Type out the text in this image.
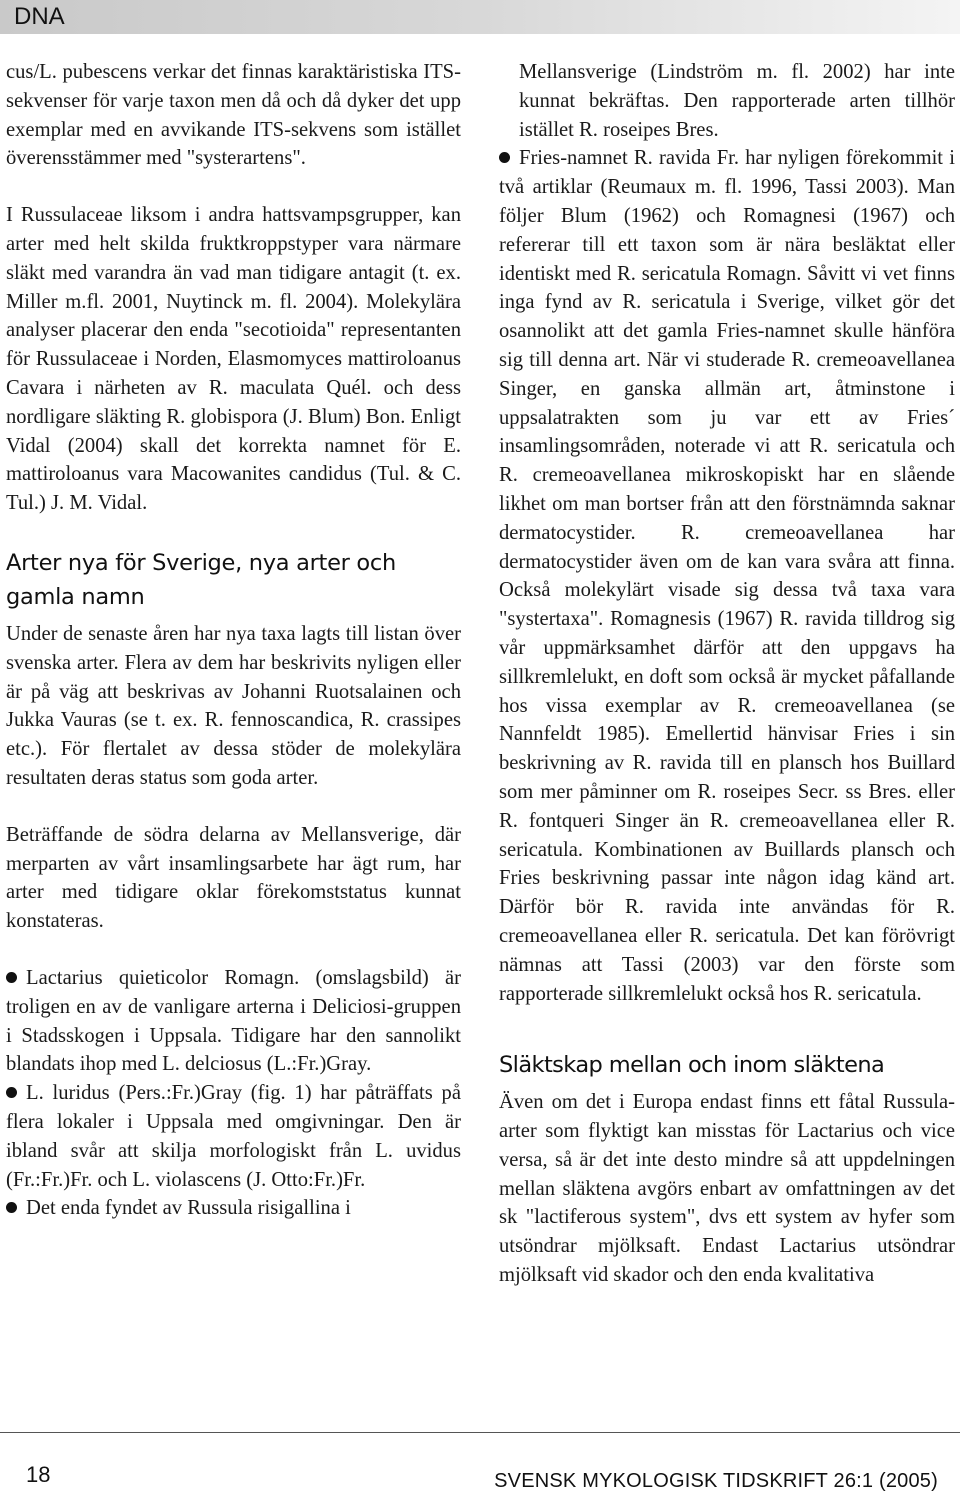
DNA

cus/L. pubescens verkar det finnas karaktäristiska ITS-sekvenser för varje taxon men då och då dyker det upp exemplar med en avvikande ITS-sekvens som istället överensstämmer med "systerartens".

I Russulaceae liksom i andra hattsvampsgrupper, kan arter med helt skilda fruktkroppstyper vara närmare släkt med varandra än vad man tidigare antagit (t. ex. Miller m.fl. 2001, Nuytinck m. fl. 2004). Molekylära analyser placerar den enda "secotioida" representanten för Russulaceae i Norden, Elasmomyces mattiroloanus Cavara i närheten av R. maculata Quél. och dess nordligare släkting R. globispora (J. Blum) Bon. Enligt Vidal (2004) skall det korrekta namnet för E. mattiroloanus vara Macowanites candidus (Tul. & C. Tul.) J. M. Vidal.

Arter nya för Sverige, nya arter och gamla namn

Under de senaste åren har nya taxa lagts till listan över svenska arter. Flera av dem har beskrivits nyligen eller är på väg att beskrivas av Johanni Ruotsalainen och Jukka Vauras (se t. ex. R. fennoscandica, R. crassipes etc.). För flertalet av dessa stöder de molekylära resultaten deras status som goda arter.

Beträffande de södra delarna av Mellansverige, där merparten av vårt insamlingsarbete har ägt rum, har arter med tidigare oklar förekomststatus kunnat konstateras.

Lactarius quieticolor Romagn. (omslagsbild) är troligen en av de vanligare arterna i Deliciosi-gruppen i Stadsskogen i Uppsala. Tidigare har den sannolikt blandats ihop med L. delciosus (L.:Fr.)Gray.

L. luridus (Pers.:Fr.)Gray (fig. 1) har påträffats på flera lokaler i Uppsala med omgivningar. Den är ibland svår att skilja morfologiskt från L. uvidus (Fr.:Fr.)Fr. och L. violascens (J. Otto:Fr.)Fr.

Det enda fyndet av Russula risigallina i

Mellansverige (Lindström m. fl. 2002) har inte kunnat bekräftas. Den rapporterade arten tillhör istället R. roseipes Bres.

Fries-namnet R. ravida Fr. har nyligen förekommit i två artiklar (Reumaux m. fl. 1996, Tassi 2003). Man följer Blum (1962) och Romagnesi (1967) och refererar till ett taxon som är nära besläktat eller identiskt med R. sericatula Romagn. Såvitt vi vet finns inga fynd av R. sericatula i Sverige, vilket gör det osannolikt att det gamla Fries-namnet skulle hänföra sig till denna art. När vi studerade R. cremeoavellanea Singer, en ganska allmän art, åtminstone i uppsalatrakten som ju var ett av Fries´ insamlingsområden, noterade vi att R. sericatula och R. cremeoavellanea mikroskopiskt har en slående likhet om man bortser från att den förstnämnda saknar dermatocystider. R. cremeoavellanea har dermatocystider även om de kan vara svåra att finna. Också molekylärt visade sig dessa två taxa vara "systertaxa". Romagnesis (1967) R. ravida tilldrog sig vår uppmärksamhet därför att den uppgavs ha sillkremlelukt, en doft som också är mycket påfallande hos vissa exemplar av R. cremeoavellanea (se Nannfeldt 1985). Emellertid hänvisar Fries i sin beskrivning av R. ravida till en plansch hos Buillard som mer påminner om R. roseipes Secr. ss Bres. eller R. fontqueri Singer än R. cremeoavellanea eller R. sericatula. Kombinationen av Buillards plansch och Fries beskrivning passar inte någon idag känd art. Därför bör R. ravida inte användas för R. cremeoavellanea eller R. sericatula. Det kan förövrigt nämnas att Tassi (2003) var den förste som rapporterade sillkremlelukt också hos R. sericatula.

Släktskap mellan och inom släktena

Även om det i Europa endast finns ett fåtal Russula-arter som flyktigt kan misstas för Lactarius och vice versa, så är det inte desto mindre så att uppdelningen mellan släktena avgörs enbart av omfattningen av det sk "lactiferous system", dvs ett system av hyfer som utsöndrar mjölksaft. Endast Lactarius utsöndrar mjölksaft vid skador och den enda kvalitativa

18	SVENSK MYKOLOGISK TIDSKRIFT 26:1 (2005)
